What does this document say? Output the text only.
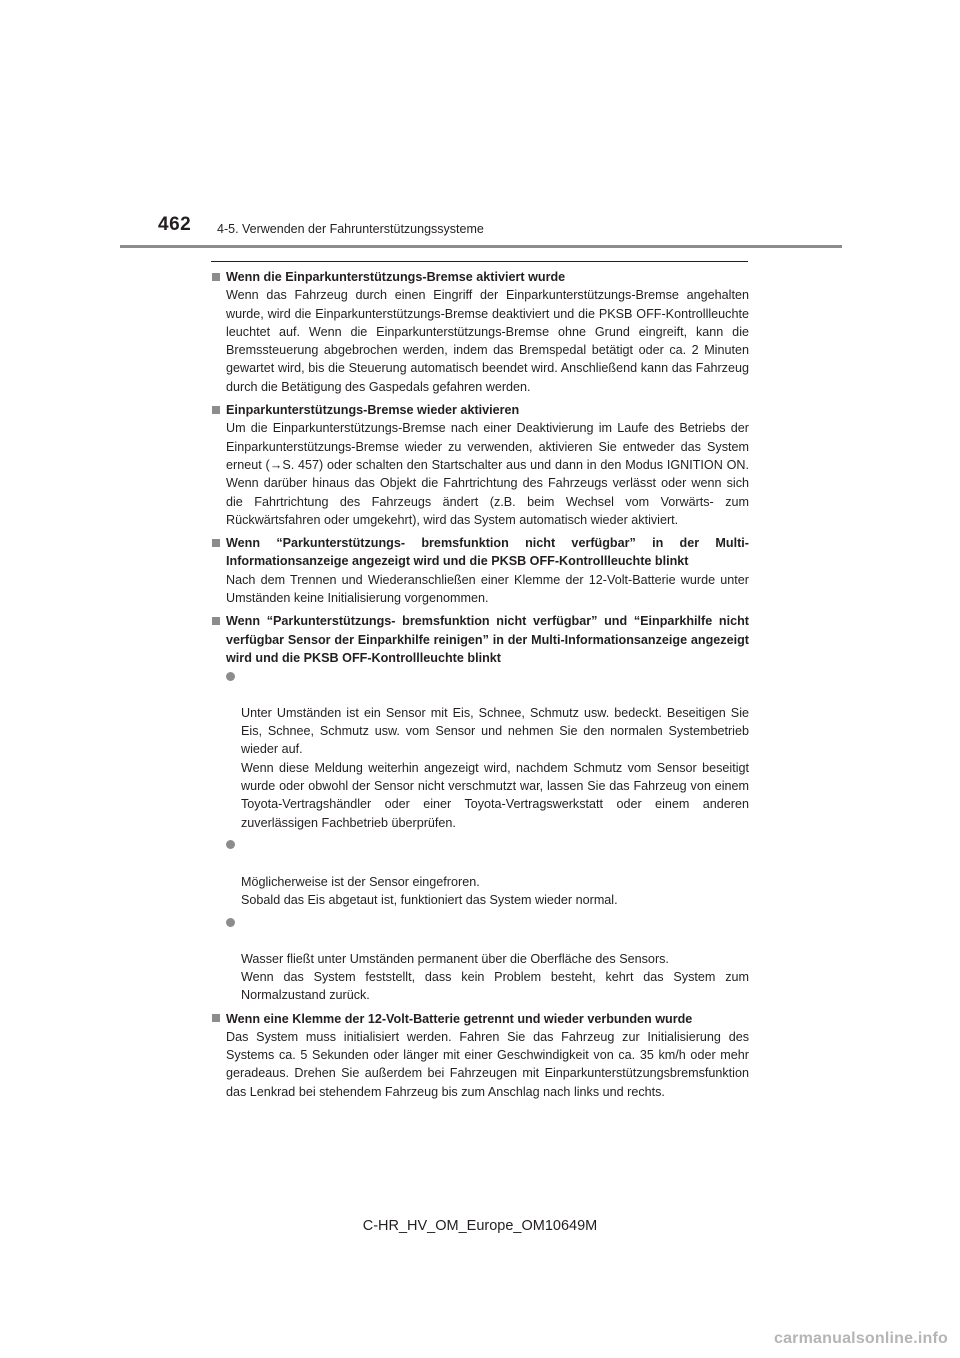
462 4-5. Verwenden der Fahrunterstützungssysteme
Wenn die Einparkunterstützungs-Bremse aktiviert wurde
Wenn das Fahrzeug durch einen Eingriff der Einparkunterstützungs-Bremse angehalten wurde, wird die Einparkunterstützungs-Bremse deaktiviert und die PKSB OFF-Kontrollleuchte leuchtet auf. Wenn die Einparkunterstützungs-Bremse ohne Grund eingreift, kann die Bremssteuerung abgebrochen werden, indem das Bremspedal betätigt oder ca. 2 Minuten gewartet wird, bis die Steuerung automatisch beendet wird. Anschließend kann das Fahrzeug durch die Betätigung des Gaspedals gefahren werden.
Einparkunterstützungs-Bremse wieder aktivieren
Um die Einparkunterstützungs-Bremse nach einer Deaktivierung im Laufe des Betriebs der Einparkunterstützungs-Bremse wieder zu verwenden, aktivieren Sie entweder das System erneut (→S. 457) oder schalten den Startschalter aus und dann in den Modus IGNITION ON. Wenn darüber hinaus das Objekt die Fahrtrichtung des Fahrzeugs verlässt oder wenn sich die Fahrtrichtung des Fahrzeugs ändert (z.B. beim Wechsel vom Vorwärts- zum Rückwärtsfahren oder umgekehrt), wird das System automatisch wieder aktiviert.
Wenn “Parkunterstützungs- bremsfunktion nicht verfügbar” in der Multi-Informationsanzeige angezeigt wird und die PKSB OFF-Kontrollleuchte blinkt
Nach dem Trennen und Wiederanschließen einer Klemme der 12-Volt-Batterie wurde unter Umständen keine Initialisierung vorgenommen.
Wenn “Parkunterstützungs- bremsfunktion nicht verfügbar” und “Einparkhilfe nicht verfügbar Sensor der Einparkhilfe reinigen” in der Multi-Informationsanzeige angezeigt wird und die PKSB OFF-Kontrollleuchte blinkt

Unter Umständen ist ein Sensor mit Eis, Schnee, Schmutz usw. bedeckt. Beseitigen Sie Eis, Schnee, Schmutz usw. vom Sensor und nehmen Sie den normalen Systembetrieb wieder auf.
Wenn diese Meldung weiterhin angezeigt wird, nachdem Schmutz vom Sensor beseitigt wurde oder obwohl der Sensor nicht verschmutzt war, lassen Sie das Fahrzeug von einem Toyota-Vertragshändler oder einer Toyota-Vertragswerkstatt oder einem anderen zuverlässigen Fachbetrieb überprüfen.

Möglicherweise ist der Sensor eingefroren.
Sobald das Eis abgetaut ist, funktioniert das System wieder normal.

Wasser fließt unter Umständen permanent über die Oberfläche des Sensors.
Wenn das System feststellt, dass kein Problem besteht, kehrt das System zum Normalzustand zurück.

Wenn eine Klemme der 12-Volt-Batterie getrennt und wieder verbunden wurde
Das System muss initialisiert werden. Fahren Sie das Fahrzeug zur Initialisierung des Systems ca. 5 Sekunden oder länger mit einer Geschwindigkeit von ca. 35 km/h oder mehr geradeaus. Drehen Sie außerdem bei Fahrzeugen mit Einparkunterstützungsbremsfunktion das Lenkrad bei stehendem Fahrzeug bis zum Anschlag nach links und rechts.
C-HR_HV_OM_Europe_OM10649M
carmanualsonline.info
